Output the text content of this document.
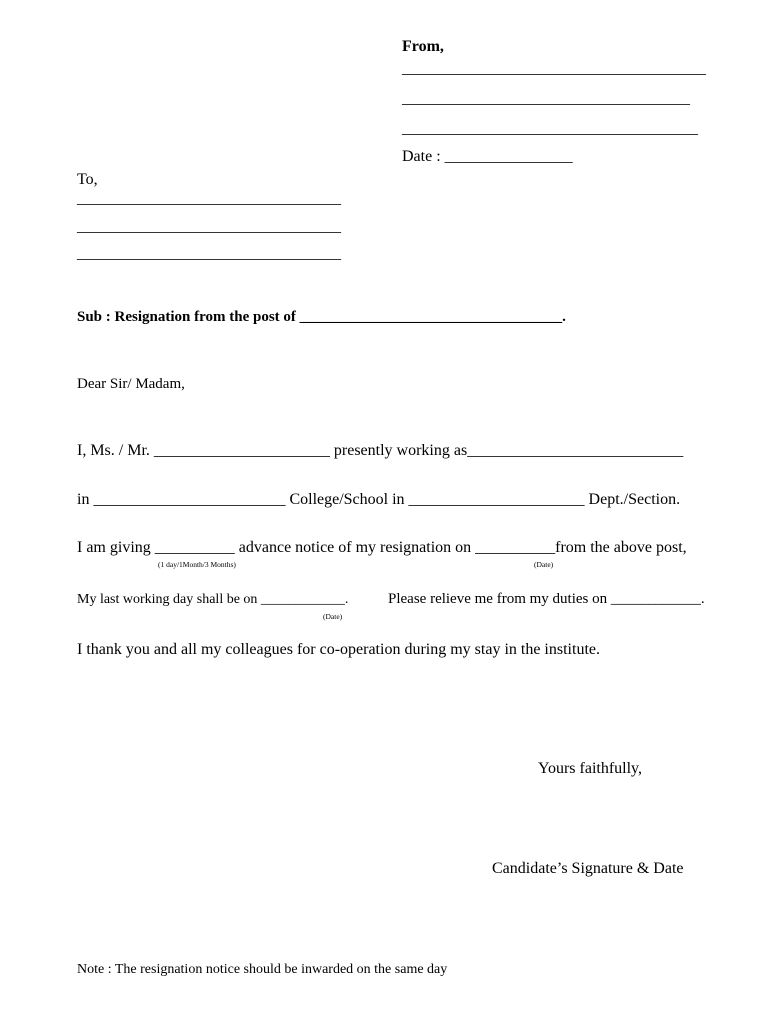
From,
______________________________________
____________________________________
_____________________________________
Date : ________________
To,
_________________________________
_________________________________
_________________________________
Sub : Resignation from the post of ___________________________________.
Dear Sir/ Madam,
I, Ms. / Mr. ______________________ presently working as___________________________
in ________________________ College/School in ______________________ Dept./Section.
I am giving __________ advance notice of my resignation on __________from the above post,
(1 day/1Month/3 Months)	(Date)
My last working day shall be on ____________.	Please relieve me from my duties on ____________.
(Date)
I thank you and all my colleagues for co-operation during my stay in the institute.
Yours faithfully,
Candidate’s Signature & Date
Note : The resignation notice should be inwarded on the same day
